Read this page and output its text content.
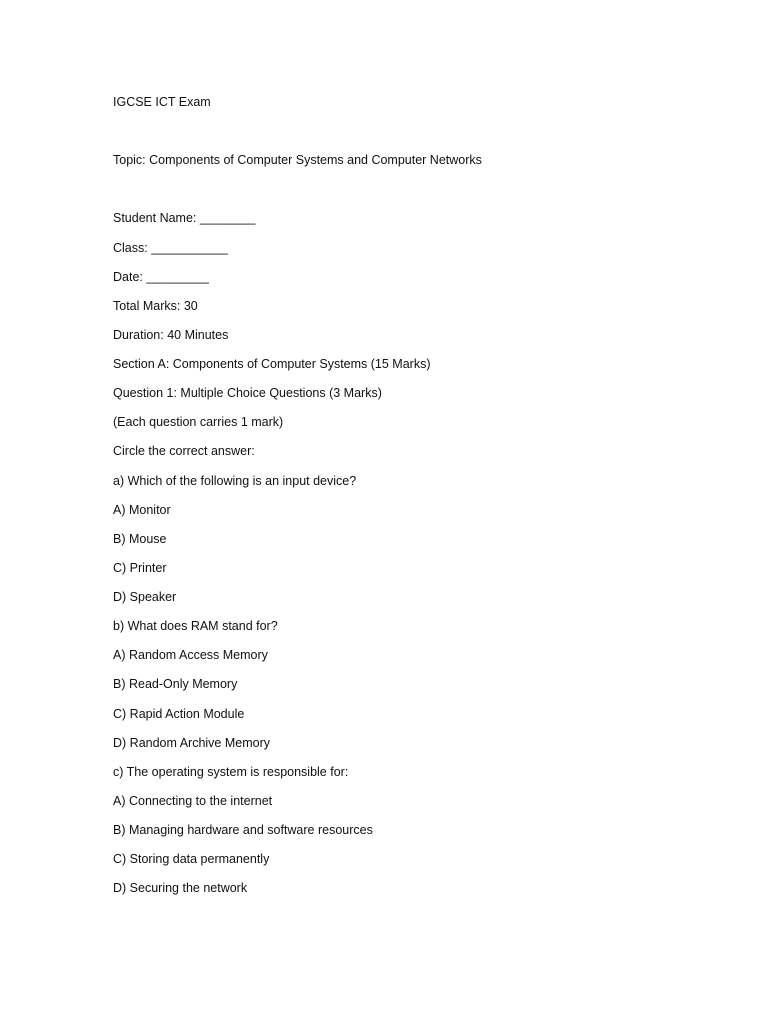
IGCSE ICT Exam

Topic: Components of Computer Systems and Computer Networks

Student Name: ________

Class: ___________

Date: _________

Total Marks: 30

Duration: 40 Minutes

Section A: Components of Computer Systems (15 Marks)

Question 1: Multiple Choice Questions (3 Marks)

(Each question carries 1 mark)

Circle the correct answer:

a) Which of the following is an input device?

A) Monitor

B) Mouse

C) Printer

D) Speaker

b) What does RAM stand for?

A) Random Access Memory

B) Read-Only Memory

C) Rapid Action Module

D) Random Archive Memory

c) The operating system is responsible for:

A) Connecting to the internet

B) Managing hardware and software resources

C) Storing data permanently

D) Securing the network
